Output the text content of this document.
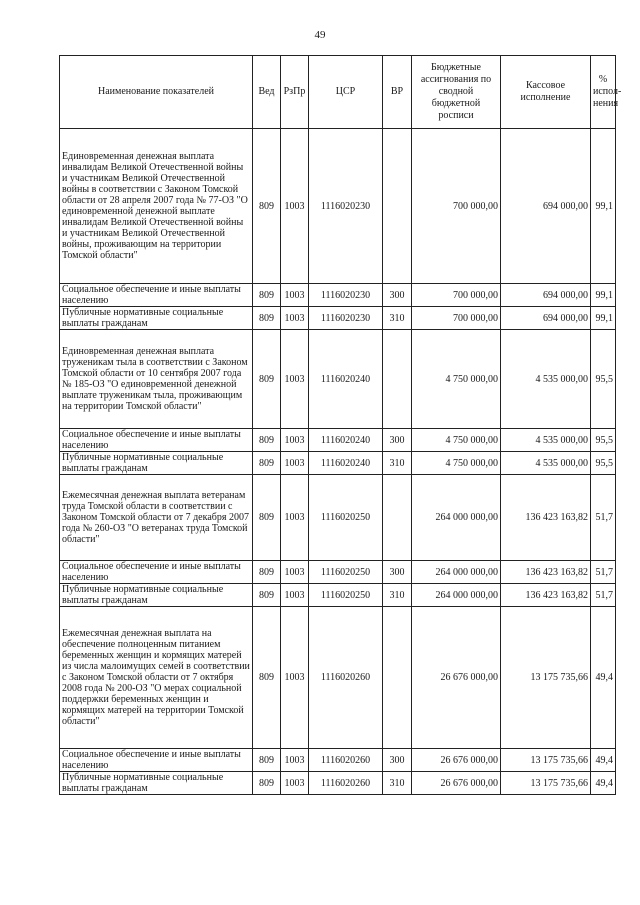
49
Наименование показателей	Вед	РзПр	ЦСР	ВР	Бюджетные ассигнования по сводной бюджетной росписи	Кассовое исполнение	% испол-нения
Единовременная денежная выплата инвалидам Великой Отечественной войны и участникам Великой Отечественной войны в соответствии с Законом Томской области от 28 апреля 2007 года № 77-ОЗ "О единовременной денежной выплате инвалидам Великой Отечественной войны и участникам Великой Отечественной войны, проживающим на территории Томской области"	809	1003	1116020230		700 000,00	694 000,00	99,1
Социальное обеспечение и иные выплаты населению	809	1003	1116020230	300	700 000,00	694 000,00	99,1
Публичные нормативные социальные выплаты гражданам	809	1003	1116020230	310	700 000,00	694 000,00	99,1
Единовременная денежная выплата труженикам тыла в соответствии с Законом Томской области от 10 сентября 2007 года № 185-ОЗ "О единовременной денежной выплате труженикам тыла, проживающим на территории Томской области"	809	1003	1116020240		4 750 000,00	4 535 000,00	95,5
Социальное обеспечение и иные выплаты населению	809	1003	1116020240	300	4 750 000,00	4 535 000,00	95,5
Публичные нормативные социальные выплаты гражданам	809	1003	1116020240	310	4 750 000,00	4 535 000,00	95,5
Ежемесячная денежная выплата ветеранам труда Томской области в соответствии с Законом Томской области от 7 декабря 2007 года № 260-ОЗ "О ветеранах труда Томской области"	809	1003	1116020250		264 000 000,00	136 423 163,82	51,7
Социальное обеспечение и иные выплаты населению	809	1003	1116020250	300	264 000 000,00	136 423 163,82	51,7
Публичные нормативные социальные выплаты гражданам	809	1003	1116020250	310	264 000 000,00	136 423 163,82	51,7
Ежемесячная денежная выплата на обеспечение полноценным питанием беременных женщин и кормящих матерей из числа малоимущих семей в соответствии с Законом Томской области от 7 октября 2008 года № 200-ОЗ "О мерах социальной поддержки беременных женщин и кормящих матерей на территории Томской области"	809	1003	1116020260		26 676 000,00	13 175 735,66	49,4
Социальное обеспечение и иные выплаты населению	809	1003	1116020260	300	26 676 000,00	13 175 735,66	49,4
Публичные нормативные социальные выплаты гражданам	809	1003	1116020260	310	26 676 000,00	13 175 735,66	49,4
